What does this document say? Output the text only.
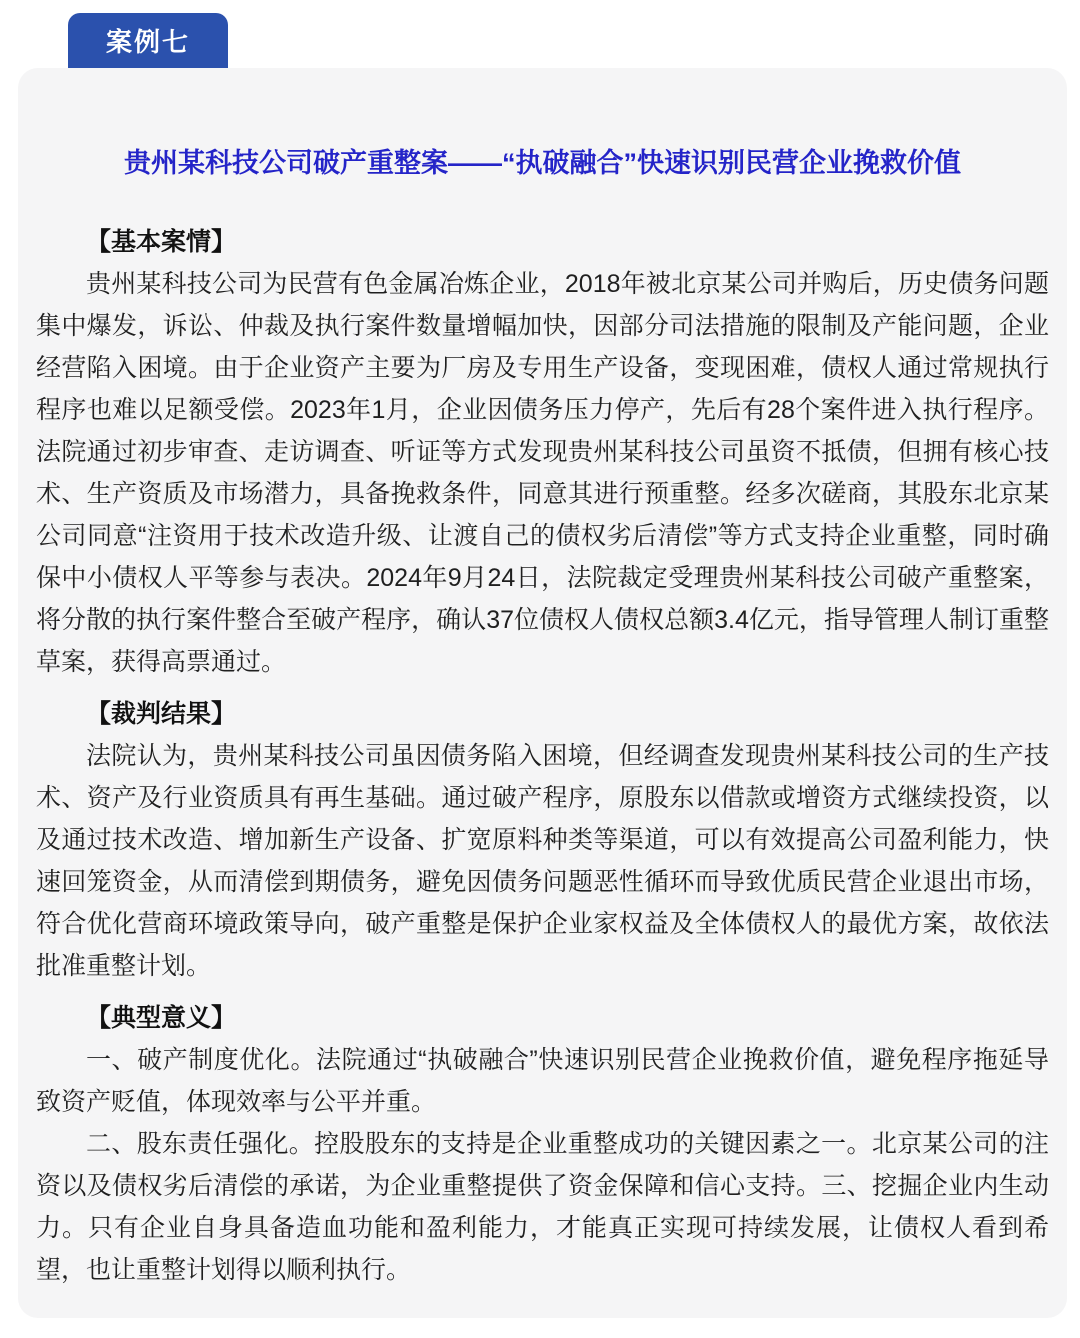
案例七
贵州某科技公司破产重整案——“执破融合”快速识别民营企业挽救价值
【基本案情】

贵州某科技公司为民营有色金属冶炼企业，2018年被北京某公司并购后，历史债务问题集中爆发，诉讼、仲裁及执行案件数量增幅加快，因部分司法措施的限制及产能问题，企业经营陷入困境。由于企业资产主要为厂房及专用生产设备，变现困难，债权人通过常规执行程序也难以足额受偿。2023年1月，企业因债务压力停产，先后有28个案件进入执行程序。法院通过初步审查、走访调查、听证等方式发现贵州某科技公司虽资不抵债，但拥有核心技术、生产资质及市场潜力，具备挽救条件，同意其进行预重整。经多次磋商，其股东北京某公司同意“注资用于技术改造升级、让渡自己的债权劣后清偿”等方式支持企业重整，同时确保中小债权人平等参与表决。2024年9月24日，法院裁定受理贵州某科技公司破产重整案，将分散的执行案件整合至破产程序，确认37位债权人债权总额3.4亿元，指导管理人制订重整草案，获得高票通过。

【裁判结果】

法院认为，贵州某科技公司虽因债务陷入困境，但经调查发现贵州某科技公司的生产技术、资产及行业资质具有再生基础。通过破产程序，原股东以借款或增资方式继续投资，以及通过技术改造、增加新生产设备、扩宽原料种类等渠道，可以有效提高公司盈利能力，快速回笼资金，从而清偿到期债务，避免因债务问题恶性循环而导致优质民营企业退出市场，符合优化营商环境政策导向，破产重整是保护企业家权益及全体债权人的最优方案，故依法批准重整计划。

【典型意义】

一、破产制度优化。法院通过“执破融合”快速识别民营企业挽救价值，避免程序拖延导致资产贬值，体现效率与公平并重。

二、股东责任强化。控股股东的支持是企业重整成功的关键因素之一。北京某公司的注资以及债权劣后清偿的承诺，为企业重整提供了资金保障和信心支持。三、挖掘企业内生动力。只有企业自身具备造血功能和盈利能力，才能真正实现可持续发展，让债权人看到希望，也让重整计划得以顺利执行。
